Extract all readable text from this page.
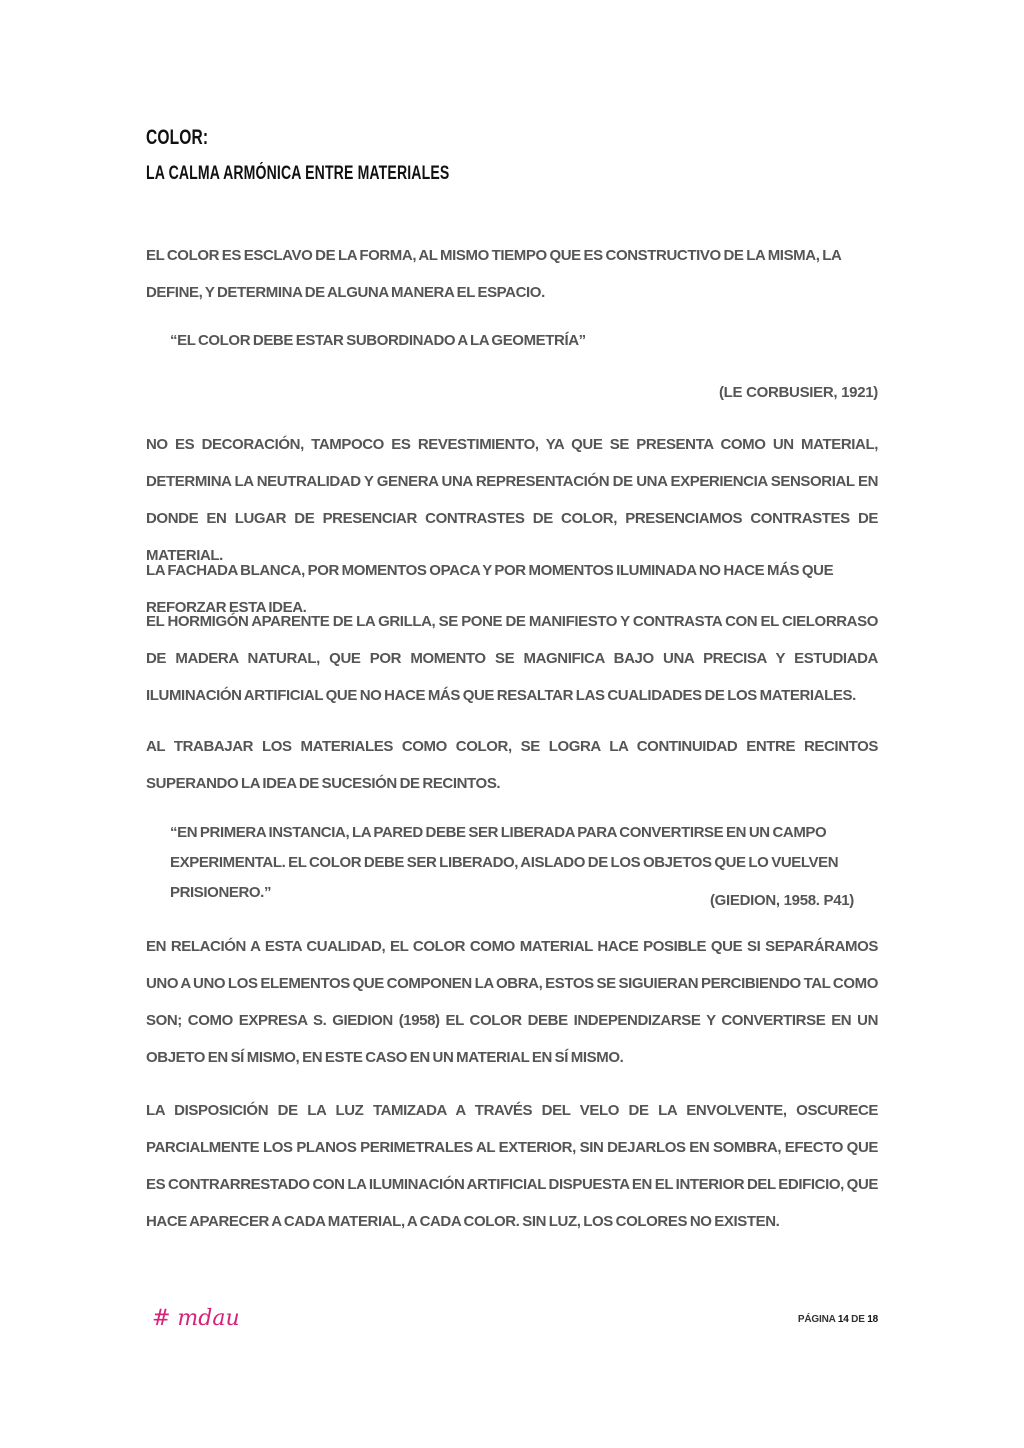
COLOR:
LA CALMA ARMÓNICA ENTRE MATERIALES
EL COLOR ES ESCLAVO DE LA FORMA, AL MISMO TIEMPO QUE ES CONSTRUCTIVO DE LA MISMA, LA DEFINE, Y DETERMINA DE ALGUNA MANERA EL ESPACIO.
“EL COLOR DEBE ESTAR SUBORDINADO A LA GEOMETRÍA”
(LE CORBUSIER, 1921)
NO ES DECORACIÓN, TAMPOCO ES REVESTIMIENTO, YA QUE SE PRESENTA COMO UN MATERIAL, DETERMINA LA NEUTRALIDAD Y GENERA UNA REPRESENTACIÓN DE UNA EXPERIENCIA SENSORIAL EN DONDE EN LUGAR DE PRESENCIAR CONTRASTES DE COLOR, PRESENCIAMOS CONTRASTES DE MATERIAL.
LA FACHADA BLANCA, POR MOMENTOS OPACA Y POR MOMENTOS ILUMINADA NO HACE MÁS QUE REFORZAR ESTA IDEA.
EL HORMIGÓN APARENTE DE LA GRILLA, SE PONE DE MANIFIESTO Y CONTRASTA CON EL CIELORRASO DE MADERA NATURAL, QUE POR MOMENTO SE MAGNIFICA BAJO UNA PRECISA Y ESTUDIADA ILUMINACIÓN ARTIFICIAL QUE NO HACE MÁS QUE RESALTAR LAS CUALIDADES DE LOS MATERIALES.
AL TRABAJAR LOS MATERIALES COMO COLOR, SE LOGRA LA CONTINUIDAD ENTRE RECINTOS SUPERANDO LA IDEA DE SUCESIÓN DE RECINTOS.
“EN PRIMERA INSTANCIA, LA PARED DEBE SER LIBERADA PARA CONVERTIRSE EN UN CAMPO EXPERIMENTAL. EL COLOR DEBE SER LIBERADO, AISLADO DE LOS OBJETOS QUE LO VUELVEN PRISIONERO.”	(GIEDION, 1958. P41)
EN RELACIÓN A ESTA CUALIDAD, EL COLOR COMO MATERIAL HACE POSIBLE QUE SI SEPARÁRAMOS UNO A UNO LOS ELEMENTOS QUE COMPONEN LA OBRA, ESTOS SE SIGUIERAN PERCIBIENDO TAL COMO SON; COMO EXPRESA S. GIEDION (1958) EL COLOR DEBE INDEPENDIZARSE Y CONVERTIRSE EN UN OBJETO EN SÍ MISMO, EN ESTE CASO EN UN MATERIAL EN SÍ MISMO.
LA DISPOSICIÓN DE LA LUZ TAMIZADA A TRAVÉS DEL VELO DE LA ENVOLVENTE, OSCURECE PARCIALMENTE LOS PLANOS PERIMETRALES AL EXTERIOR, SIN DEJARLOS EN SOMBRA, EFECTO QUE ES CONTRARRESTADO CON LA ILUMINACIÓN ARTIFICIAL DISPUESTA EN EL INTERIOR DEL EDIFICIO, QUE HACE APARECER A CADA MATERIAL, A CADA COLOR. SIN LUZ, LOS COLORES NO EXISTEN.
# mdau	PÁGINA 14 DE 18
